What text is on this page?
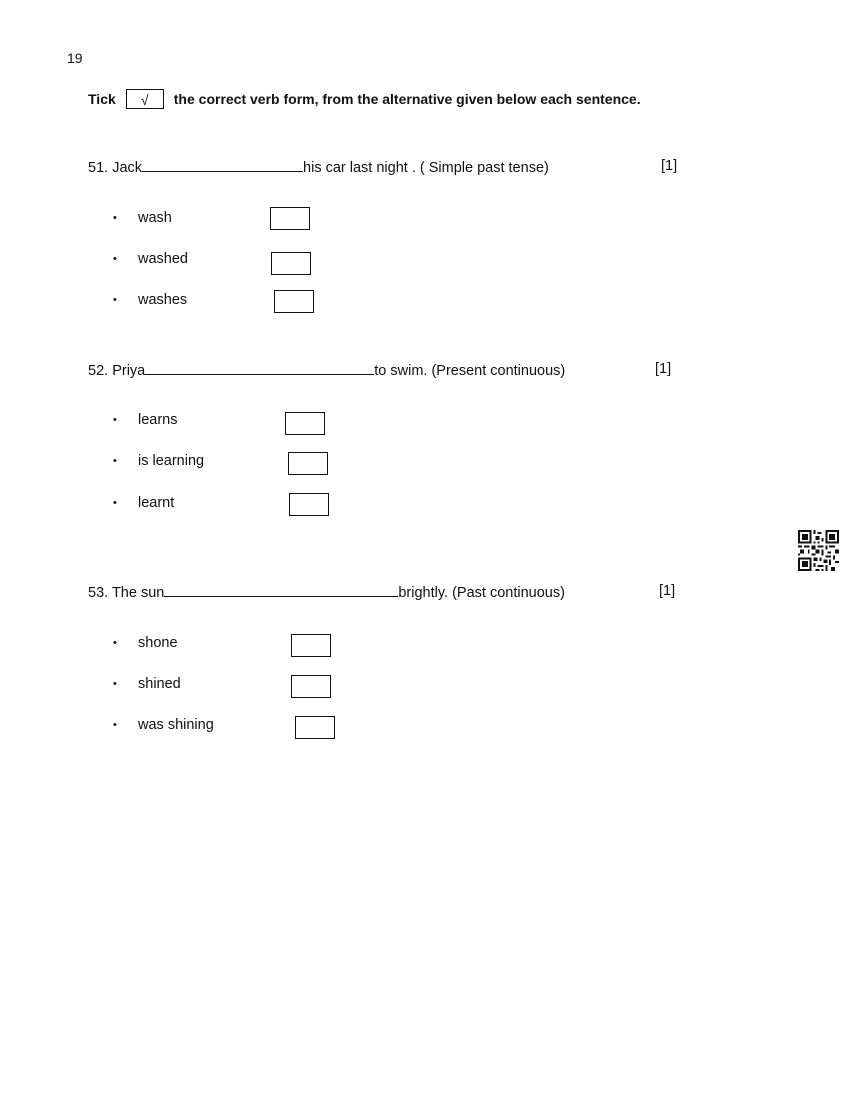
19
Tick	√	the correct verb form, from the alternative given below each sentence.
51. Jack	his car last night . ( Simple past tense)	[1]
• wash
• washed
• washes
52. Priya	to swim. (Present continuous)	[1]
• learns
• is learning
• learnt
53. The sun	brightly. (Past continuous)	[1]
• shone
• shined
• was shining
